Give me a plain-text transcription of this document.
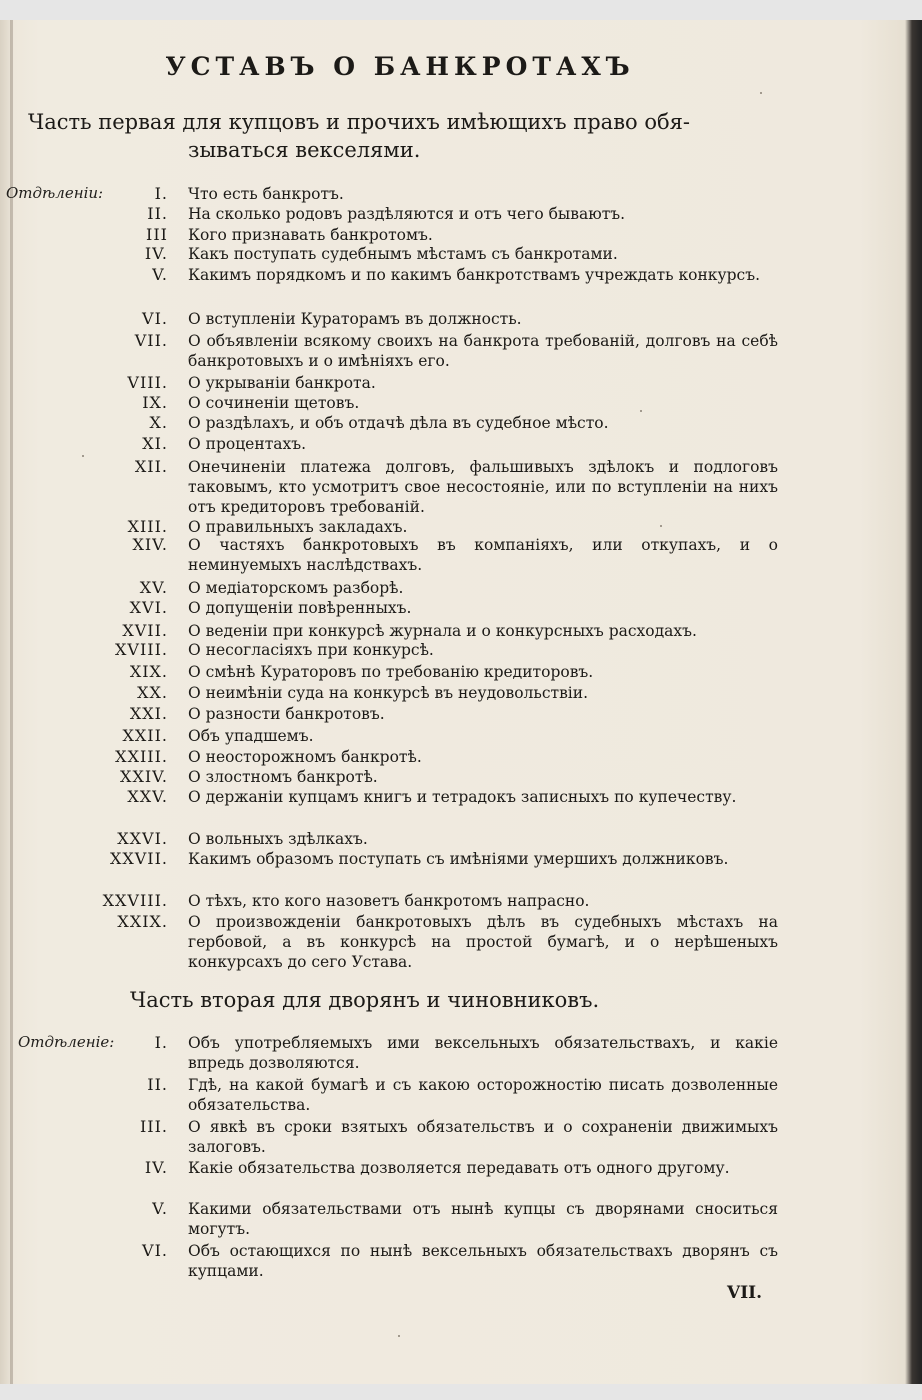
УСТАВЪ О БАНКРОТАХЪ
Часть первая для купцовъ и прочихъ имѣющихъ право обя-
зываться векселями.
Отдѣленiи:	I. Что есть банкротъ.
II. На сколько родовъ раздѣляются и отъ чего бываютъ.
III Кого признавать банкротомъ.
IV. Какъ поступать судебнымъ мѣстамъ съ банкротами.
V. Какимъ порядкомъ и по какимъ банкротствамъ учреждать конкурсъ.
VI. О вступленiи Кураторамъ въ должность.
VII. О объявленiи всякому своихъ на банкрота требованiй, долговъ на себѣ банкротовыхъ и о имѣнiяхъ его.
VIII. О укрыванiи банкрота.
IX. О сочиненiи щетовъ.
X. О раздѣлахъ, и объ отдачѣ дѣла въ судебное мѣсто.
XI. О процентахъ.
XII. Онечиненiи платежа долговъ, фальшивыхъ здѣлокъ и подлоговъ таковымъ, кто усмотритъ свое несостоянiе, или по вступленiи на нихъ отъ кредиторовъ требованiй.
XIII. О правильныхъ закладахъ.
XIV. О частяхъ банкротовыхъ въ компанiяхъ, или откупахъ, и о неминуемыхъ наслѣдствахъ.
XV. О медiаторскомъ разборѣ.
XVI. О допущенiи повѣренныхъ.
XVII. О веденiи при конкурсѣ журнала и о конкурсныхъ расходахъ.
XVIII. О несогласiяхъ при конкурсѣ.
XIX. О смѣнѣ Кураторовъ по требованiю кредиторовъ.
XX. О неимѣнiи суда на конкурсѣ въ неудовольствiи.
XXI. О разности банкротовъ.
XXII. Объ упадшемъ.
XXIII. О неосторожномъ банкротѣ.
XXIV. О злостномъ банкротѣ.
XXV. О держанiи купцамъ книгъ и тетрадокъ записныхъ по купечеству.
XXVI. О вольныхъ здѣлкахъ.
XXVII. Какимъ образомъ поступать съ имѣнiями умершихъ должниковъ.
XXVIII. О тѣхъ, кто кого назоветъ банкротомъ напрасно.
XXIX. О произвожденiи банкротовыхъ дѣлъ въ судебныхъ мѣстахъ на гербовой, а въ конкурсѣ на простой бумагѣ, и о нерѣшеныхъ конкурсахъ до сего Устава.
Часть вторая для дворянъ и чиновниковъ.
Отдѣленiе:	I. Объ употребляемыхъ ими вексельныхъ обязательствахъ, и какiе впредь дозволяются.
II. Гдѣ, на какой бумагѣ и съ какою осторожностiю писать дозволенные обязательства.
III. О явкѣ въ сроки взятыхъ обязательствъ и о сохраненiи движимыхъ залоговъ.
IV. Какiе обязательства дозволяется передавать отъ одного другому.
V. Какими обязательствами отъ нынѣ купцы съ дворянами сноситься могутъ.
VI. Объ остающихся по нынѣ вексельныхъ обязательствахъ дворянъ съ купцами.
VII.
